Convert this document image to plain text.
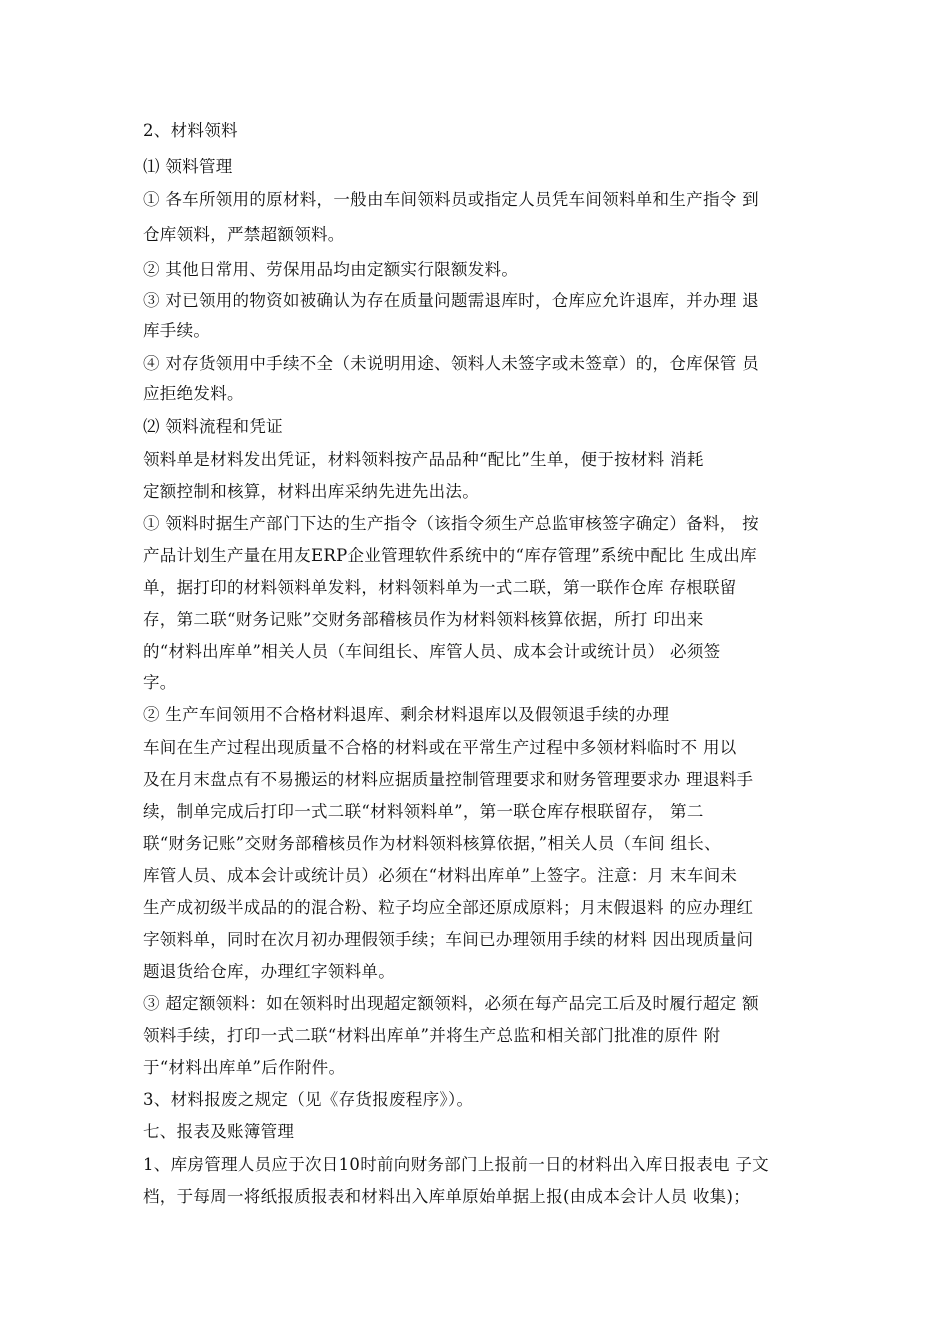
2、材料领料
⑴ 领料管理
① 各车所领用的原材料，一般由车间领料员或指定人员凭车间领料单和生产指令 到
仓库领料，严禁超额领料。
② 其他日常用、劳保用品均由定额实行限额发料。
③ 对已领用的物资如被确认为存在质量问题需退库时，仓库应允许退库，并办理 退
库手续。
④ 对存货领用中手续不全（未说明用途、领料人未签字或未签章）的，仓库保管 员
应拒绝发料。
⑵ 领料流程和凭证
领料单是材料发出凭证，材料领料按产品品种“配比”生单，便于按材料 消耗
定额控制和核算，材料出库采纳先进先出法。
① 领料时据生产部门下达的生产指令（该指令须生产总监审核签字确定）备料， 按
产品计划生产量在用友ERP企业管理软件系统中的“库存管理”系统中配比 生成出库
单，据打印的材料领料单发料，材料领料单为一式二联，第一联作仓库 存根联留
存，第二联“财务记账”交财务部稽核员作为材料领料核算依据，所打 印出来
的“材料出库单”相关人员（车间组长、库管人员、成本会计或统计员） 必须签
字。
② 生产车间领用不合格材料退库、剩余材料退库以及假领退手续的办理
车间在生产过程出现质量不合格的材料或在平常生产过程中多领材料临时不 用以
及在月末盘点有不易搬运的材料应据质量控制管理要求和财务管理要求办 理退料手
续，制单完成后打印一式二联“材料领料单”，第一联仓库存根联留存， 第二
联“财务记账”交财务部稽核员作为材料领料核算依据，”相关人员（车间 组长、
库管人员、成本会计或统计员）必须在“材料出库单”上签字。注意：月 末车间未
生产成初级半成品的的混合粉、粒子均应全部还原成原料；月末假退料 的应办理红
字领料单，同时在次月初办理假领手续；车间已办理领用手续的材料 因出现质量问
题退货给仓库，办理红字领料单。
③ 超定额领料：如在领料时出现超定额领料，必须在每产品完工后及时履行超定 额
领料手续，打印一式二联“材料出库单”并将生产总监和相关部门批准的原件 附
于“材料出库单”后作附件。
3、材料报废之规定（见《存货报废程序》）。
七、报表及账簿管理
1、库房管理人员应于次日10时前向财务部门上报前一日的材料出入库日报表电 子文
档，于每周一将纸报质报表和材料出入库单原始单据上报(由成本会计人员 收集)；
